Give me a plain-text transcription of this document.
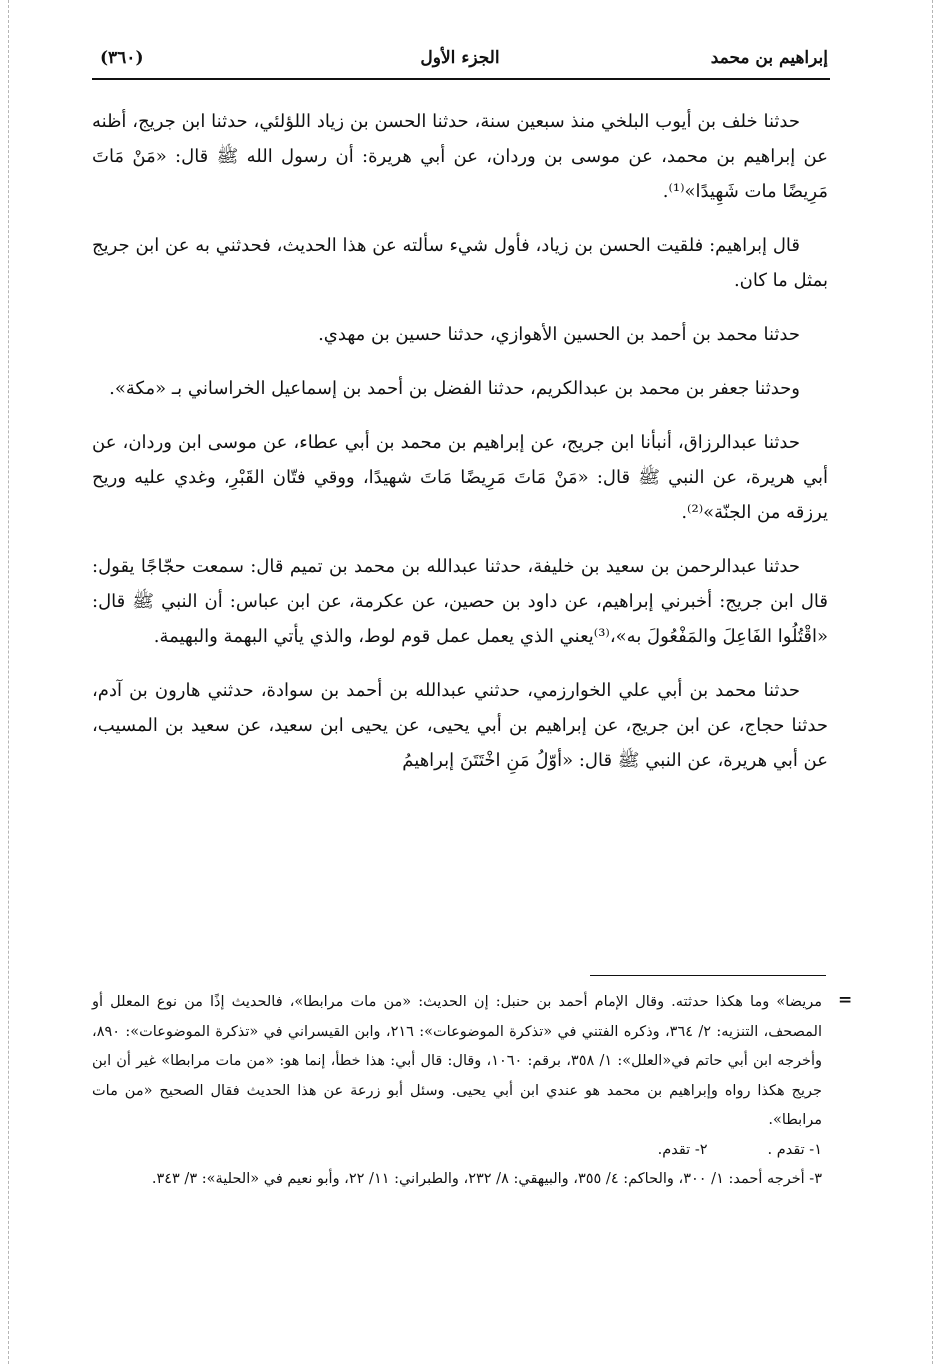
(٣٦٠)	الجزء الأول	إبراهيم بن محمد

حدثنا خلف بن أيوب البلخي منذ سبعين سنة، حدثنا الحسن بن زياد اللؤلئي، حدثنا ابن جريج، أظنه عن إبراهيم بن محمد، عن موسى بن وردان، عن أبي هريرة: أن رسول الله ﷺ قال: «مَنْ مَاتَ مَرِيضًا مات شَهِيدًا»⁽¹⁾.

قال إبراهيم: فلقيت الحسن بن زياد، فأول شيء سألته عن هذا الحديث، فحدثني به عن ابن جريج بمثل ما كان.

حدثنا محمد بن أحمد بن الحسين الأهوازي، حدثنا حسين بن مهدي.

وحدثنا جعفر بن محمد بن عبدالكريم، حدثنا الفضل بن أحمد بن إسماعيل الخراساني بـ «مكة».

حدثنا عبدالرزاق، أنبأنا ابن جريج، عن إبراهيم بن محمد بن أبي عطاء، عن موسى ابن وردان، عن أبي هريرة، عن النبي ﷺ قال: «مَنْ مَاتَ مَرِيضًا مَاتَ شهيدًا، ووقي فتّان القَبْرِ، وغدي عليه وريح يرزقه من الجنّة»⁽²⁾.

حدثنا عبدالرحمن بن سعيد بن خليفة، حدثنا عبدالله بن محمد بن تميم قال: سمعت حجّاجًا يقول: قال ابن جريج: أخبرني إبراهيم، عن داود بن حصين، عن عكرمة، عن ابن عباس: أن النبي ﷺ قال: «اقْتُلُوا الفَاعِلَ والمَفْعُولَ به»،⁽³⁾يعني الذي يعمل عمل قوم لوط، والذي يأتي البهمة والبهيمة.

حدثنا محمد بن أبي علي الخوارزمي، حدثني عبدالله بن أحمد بن سوادة، حدثني هارون بن آدم، حدثنا حجاج، عن ابن جريج، عن إبراهيم بن أبي يحيى، عن يحيى ابن سعيد، عن سعيد بن المسيب، عن أبي هريرة، عن النبي ﷺ قال: «أوّلُ مَنِ اخْتَتَنَ إبراهيمُ

=

مريضا» وما هكذا حدثته. وقال الإمام أحمد بن حنبل: إن الحديث: «من مات مرابطا»، فالحديث إذًا من نوع المعلل أو المصحف، التنزيه: ٢/ ٣٦٤، وذكره الفتني في «تذكرة الموضوعات»: ٢١٦، وابن القيسراني في «تذكرة الموضوعات»: ٨٩٠، وأخرجه ابن أبي حاتم في«العلل»: ١/ ٣٥٨، برقم: ١٠٦٠، وقال: قال أبي: هذا خطأ، إنما هو: «من مات مرابطا» غير أن ابن جريج هكذا رواه وإبراهيم بن محمد هو عندي ابن أبي يحيى. وسئل أبو زرعة عن هذا الحديث فقال الصحيح «من مات مرابطا».

١- تقدم .
٢- تقدم.

٣- أخرجه أحمد: ١/ ٣٠٠، والحاكم: ٤/ ٣٥٥، والبيهقي: ٨/ ٢٣٢، والطبراني: ١١/ ٢٢، وأبو نعيم في «الحلية»: ٣/ ٣٤٣.
